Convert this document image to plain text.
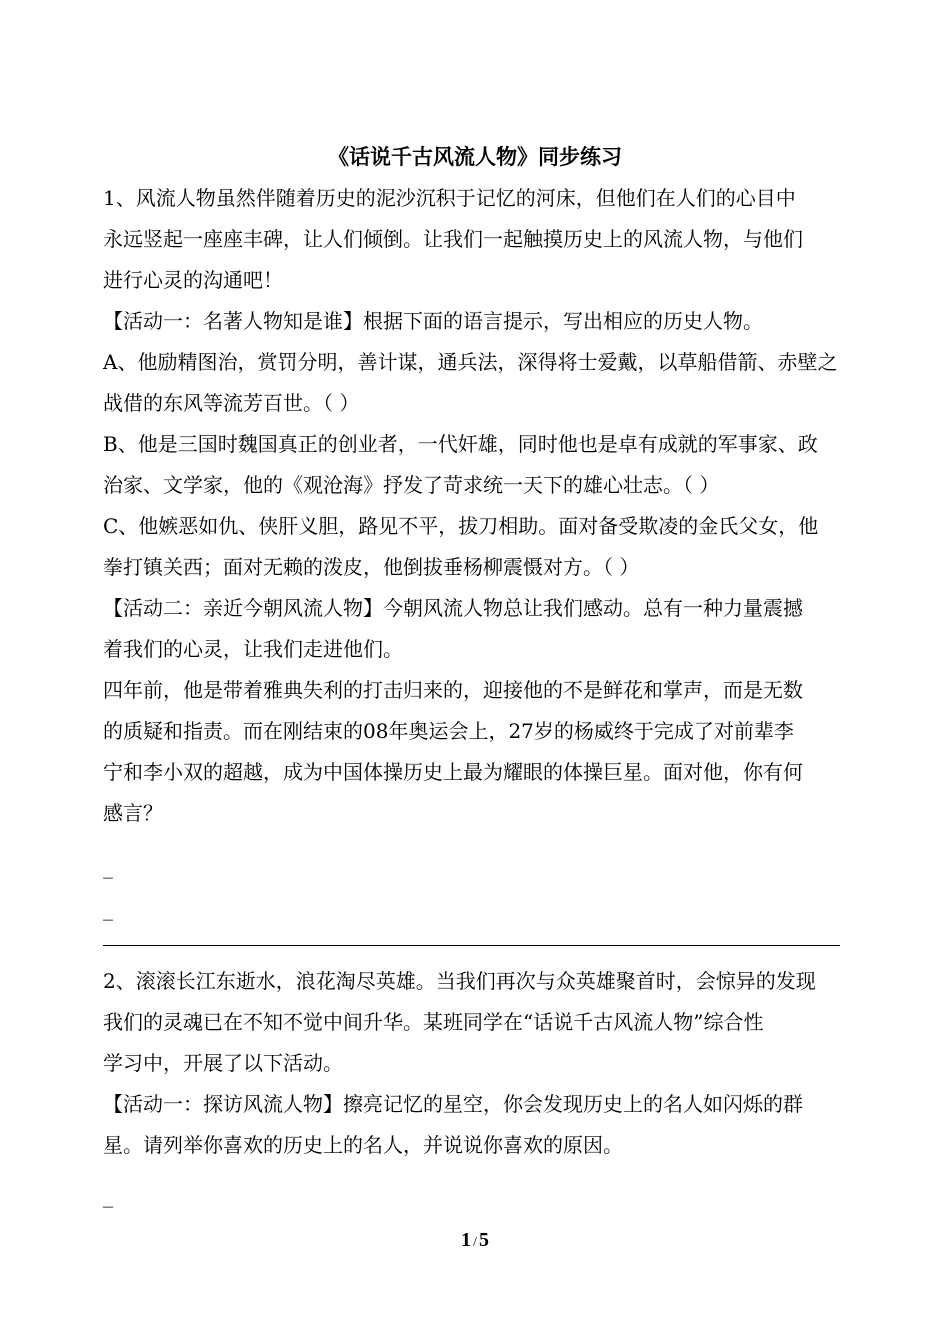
《话说千古风流人物》同步练习
1、风流人物虽然伴随着历史的泥沙沉积于记忆的河床，但他们在人们的心目中
永远竖起一座座丰碑，让人们倾倒。让我们一起触摸历史上的风流人物，与他们
进行心灵的沟通吧！
【活动一：名著人物知是谁】根据下面的语言提示，写出相应的历史人物。
A、他励精图治，赏罚分明，善计谋，通兵法，深得将士爱戴，以草船借箭、赤壁之
战借的东风等流芳百世。（ ）
B、他是三国时魏国真正的创业者，一代奸雄，同时他也是卓有成就的军事家、政
治家、文学家，他的《观沧海》抒发了苛求统一天下的雄心壮志。（ ）
C、他嫉恶如仇、侠肝义胆，路见不平，拔刀相助。面对备受欺凌的金氏父女，他
拳打镇关西；面对无赖的泼皮，他倒拔垂杨柳震慑对方。（ ）
【活动二：亲近今朝风流人物】今朝风流人物总让我们感动。总有一种力量震撼
着我们的心灵，让我们走进他们。
四年前，他是带着雅典失利的打击归来的，迎接他的不是鲜花和掌声，而是无数
的质疑和指责。而在刚结束的08年奥运会上，27岁的杨威终于完成了对前辈李
宁和李小双的超越，成为中国体操历史上最为耀眼的体操巨星。面对他，你有何
感言？
_
_
2、滚滚长江东逝水，浪花淘尽英雄。当我们再次与众英雄聚首时，会惊异的发现
我们的灵魂已在不知不觉中间升华。某班同学在“话说千古风流人物”综合性
学习中，开展了以下活动。
【活动一：探访风流人物】擦亮记忆的星空，你会发现历史上的名人如闪烁的群
星。请列举你喜欢的历史上的名人，并说说你喜欢的原因。
_
1 / 5
